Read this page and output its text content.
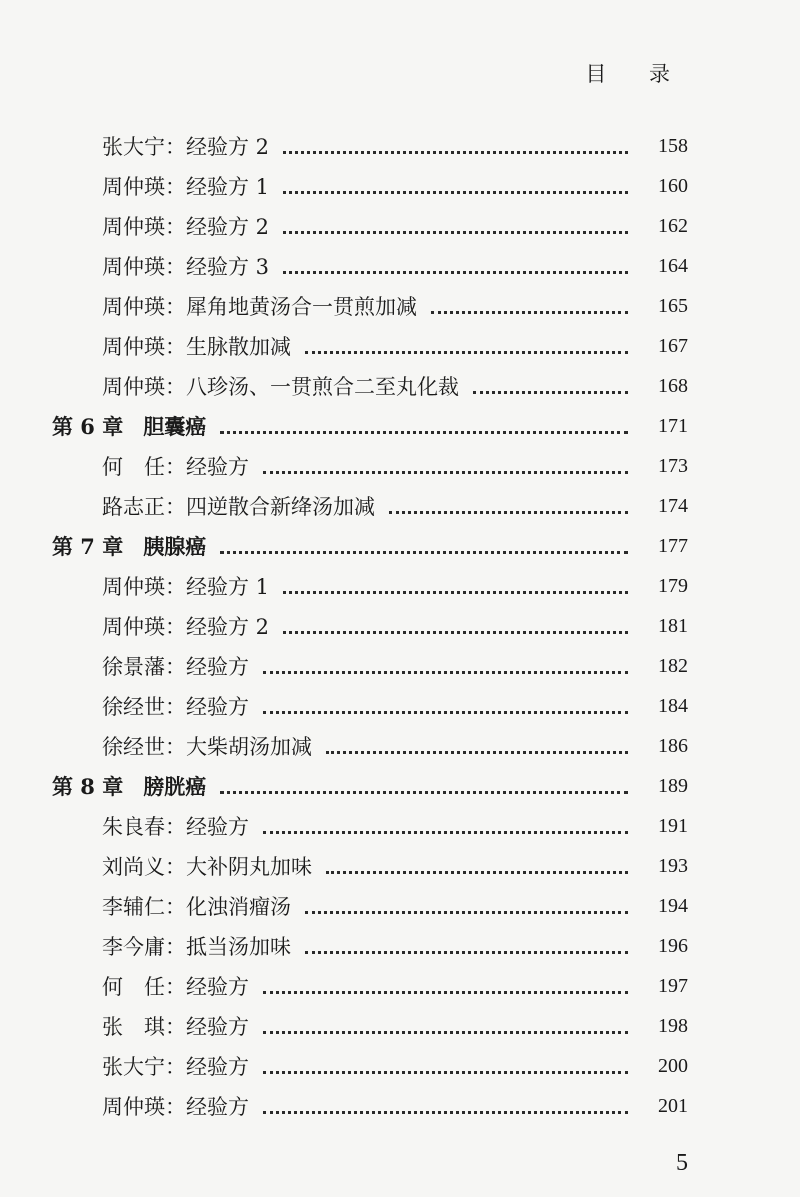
目 录
张大宁：经验方 2	158
周仲瑛：经验方 1	160
周仲瑛：经验方 2	162
周仲瑛：经验方 3	164
周仲瑛：犀角地黄汤合一贯煎加减	165
周仲瑛：生脉散加减	167
周仲瑛：八珍汤、一贯煎合二至丸化裁	168
第 6 章 胆囊癌	171
何　任：经验方	173
路志正：四逆散合新绛汤加减	174
第 7 章 胰腺癌	177
周仲瑛：经验方 1	179
周仲瑛：经验方 2	181
徐景藩：经验方	182
徐经世：经验方	184
徐经世：大柴胡汤加减	186
第 8 章 膀胱癌	189
朱良春：经验方	191
刘尚义：大补阴丸加味	193
李辅仁：化浊消瘤汤	194
李今庸：抵当汤加味	196
何　任：经验方	197
张　琪：经验方	198
张大宁：经验方	200
周仲瑛：经验方	201
5
